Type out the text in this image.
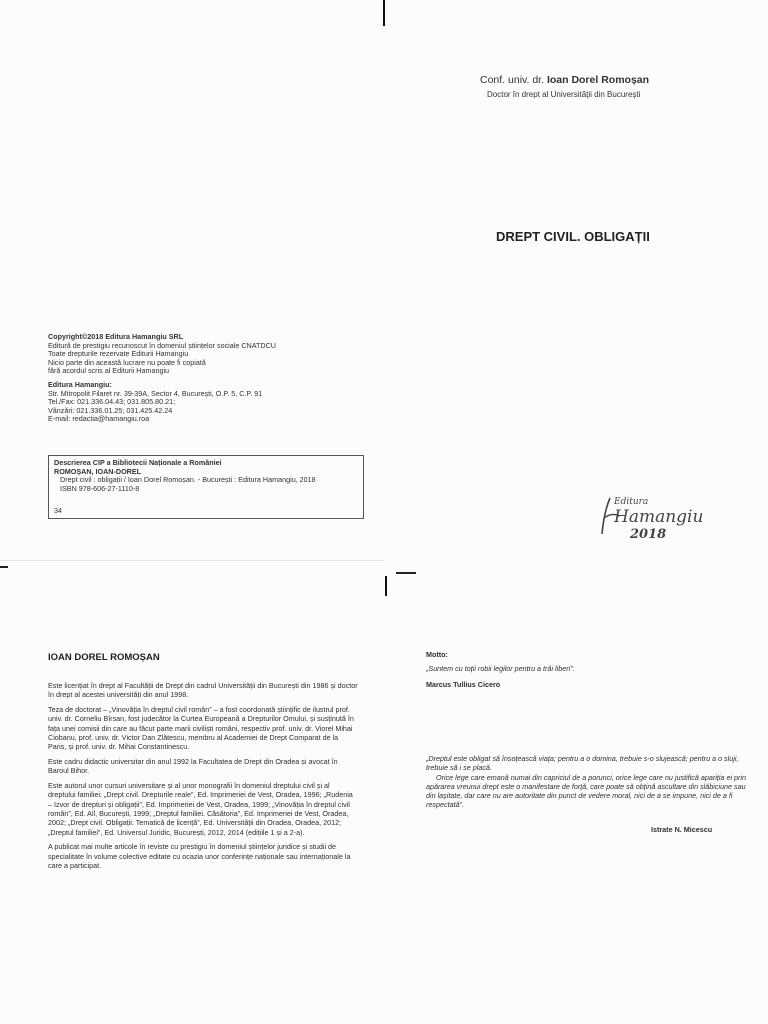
Copyright©2018 Editura Hamangiu SRL
Editură de prestigiu recunoscut în domeniul științelor sociale CNATDCU
Toate drepturile rezervate Editurii Hamangiu
Nicio parte din această lucrare nu poate fi copiată
fără acordul scris al Editurii Hamangiu
Editura Hamangiu:
Str. Mitropolit Filaret nr. 39-39A, Sector 4, București, O.P. 5, C.P. 91
Tel./Fax: 021.336.04.43; 031.805.80.21;
Vânzări: 021.336.01.25; 031.425.42.24
E-mail: redactia@hamangiu.roa
Descrierea CIP a Bibliotecii Naționale a României
ROMOȘAN, IOAN-DOREL
Drept civil : obligații / Ioan Dorel Romoșan. - București : Editura Hamangiu, 2018
ISBN 978-606-27-1110-8
34
Conf. univ. dr. Ioan Dorel Romoșan
Doctor în drept al Universității din București
DREPT CIVIL. OBLIGAȚII
Editura
Hamangiu
2018
IOAN DOREL ROMOȘAN

Este licențiat în drept al Facultății de Drept din cadrul Universității din București din 1986 și doctor în drept al acestei universități din anul 1998.

Teza de doctorat – „Vinovăția în dreptul civil român” – a fost coordonată științific de ilustrul prof. univ. dr. Corneliu Bîrsan, fost judecător la Curtea Europeană a Drepturilor Omului, și susținută în fața unei comisii din care au făcut parte marii civiliști români, respectiv prof. univ. dr. Viorel Mihai Ciobanu, prof. univ. dr. Victor Dan Zlătescu, membru al Academiei de Drept Comparat de la Paris, și prof. univ. dr. Mihai Constantinescu.

Este cadru didactic universitar din anul 1992 la Facultatea de Drept din Oradea și avocat în Baroul Bihor.

Este autorul unor cursuri universitare și al unor monografii în domeniul dreptului civil și al dreptului familiei: „Drept civil. Drepturile reale”, Ed. Imprimeriei de Vest, Oradea, 1996; „Rudenia – Izvor de drepturi și obligații”, Ed. Imprimeriei de Vest, Oradea, 1999; „Vinovăția în dreptul civil român”, Ed. All, București, 1999; „Dreptul familiei. Căsătoria”, Ed. Imprimeriei de Vest, Oradea, 2002; „Drept civil. Obligații: Tematică de licență”, Ed. Universității din Oradea, Oradea, 2012; „Dreptul familiei”, Ed. Universul Juridic, București, 2012, 2014 (edițiile 1 și a 2-a).

A publicat mai multe articole în reviste cu prestigiu în domeniul științelor juridice și studii de specialitate în volume colective editate cu ocazia unor conferințe naționale sau internaționale la care a participat.

Motto:
„Suntem cu toții robii legilor pentru a trăi liberi”.
Marcus Tullius Cicero
„Dreptul este obligat să însoțească viața; pentru a o domina, trebuie s-o slujească; pentru a o sluji, trebuie să i se placă.
Orice lege care emană numai din capriciul de a porunci, orice lege care nu justifică apariția ei prin apărarea vreunui drept este o manifestare de forță, care poate să obțină ascultare din slăbiciune sau din lașitate, dar care nu are autoritate din punct de vedere moral, nici de a se impune, nici de a fi respectată”.
Istrate N. Micescu
